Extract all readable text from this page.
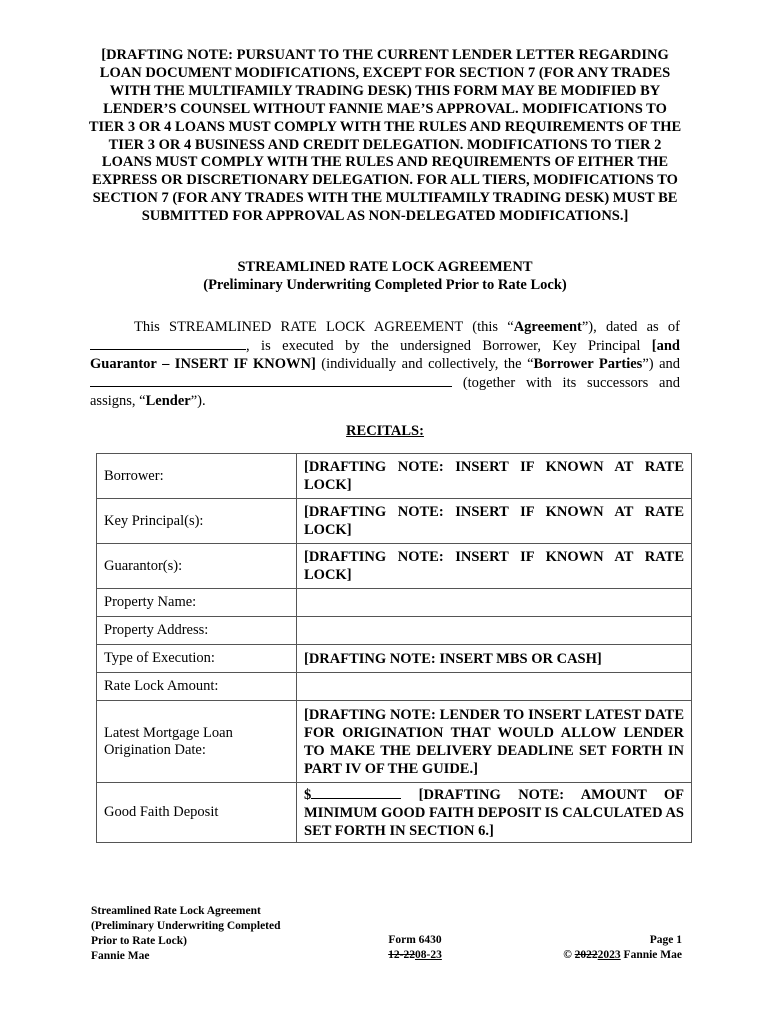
[DRAFTING NOTE: PURSUANT TO THE CURRENT LENDER LETTER REGARDING LOAN DOCUMENT MODIFICATIONS, EXCEPT FOR SECTION 7 (FOR ANY TRADES WITH THE MULTIFAMILY TRADING DESK) THIS FORM MAY BE MODIFIED BY LENDER’S COUNSEL WITHOUT FANNIE MAE’S APPROVAL. MODIFICATIONS TO TIER 3 OR 4 LOANS MUST COMPLY WITH THE RULES AND REQUIREMENTS OF THE TIER 3 OR 4 BUSINESS AND CREDIT DELEGATION. MODIFICATIONS TO TIER 2 LOANS MUST COMPLY WITH THE RULES AND REQUIREMENTS OF EITHER THE EXPRESS OR DISCRETIONARY DELEGATION. FOR ALL TIERS, MODIFICATIONS TO SECTION 7 (FOR ANY TRADES WITH THE MULTIFAMILY TRADING DESK) MUST BE SUBMITTED FOR APPROVAL AS NON-DELEGATED MODIFICATIONS.]
STREAMLINED RATE LOCK AGREEMENT
(Preliminary Underwriting Completed Prior to Rate Lock)
This STREAMLINED RATE LOCK AGREEMENT (this “Agreement”), dated as of , is executed by the undersigned Borrower, Key Principal [and Guarantor – INSERT IF KNOWN] (individually and collectively, the “Borrower Parties”) and  (together with its successors and assigns, “Lender”).
RECITALS:
Borrower:	[DRAFTING NOTE: INSERT IF KNOWN AT RATE LOCK]
Key Principal(s):	[DRAFTING NOTE: INSERT IF KNOWN AT RATE LOCK]
Guarantor(s):	[DRAFTING NOTE: INSERT IF KNOWN AT RATE LOCK]
Property Name:	
Property Address:	
Type of Execution:	[DRAFTING NOTE: INSERT MBS OR CASH]
Rate Lock Amount:	
Latest Mortgage Loan Origination Date:	[DRAFTING NOTE: LENDER TO INSERT LATEST DATE FOR ORIGINATION THAT WOULD ALLOW LENDER TO MAKE THE DELIVERY DEADLINE SET FORTH IN PART IV OF THE GUIDE.]
Good Faith Deposit	$ [DRAFTING NOTE: AMOUNT OF MINIMUM GOOD FAITH DEPOSIT IS CALCULATED AS SET FORTH IN SECTION 6.]
Streamlined Rate Lock Agreement
(Preliminary Underwriting Completed
Prior to Rate Lock)
Fannie Mae
Form 6430
12-2208-23
Page 1
© 20222023 Fannie Mae
